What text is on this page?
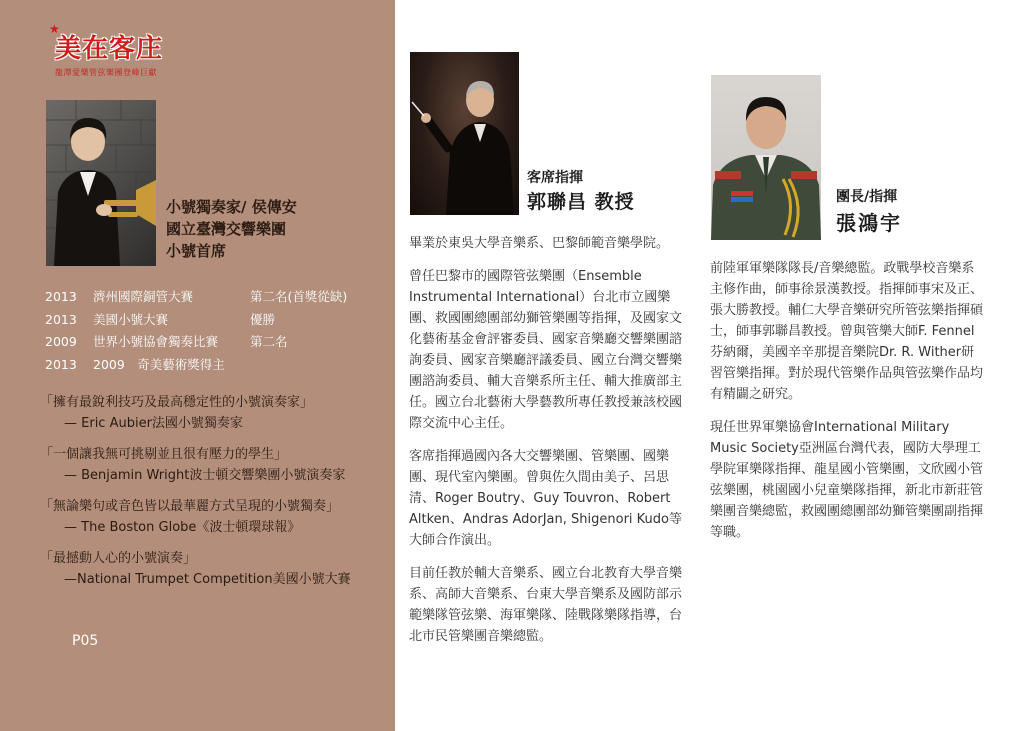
★
美在客庄
龍潭愛樂管弦樂團登峰巨獻
小號獨奏家/ 侯傳安
國立臺灣交響樂團
小號首席
2013 濟州國際銅管大賽	第二名(首獎從缺)
2013 美國小號大賽	優勝
2009 世界小號協會獨奏比賽	第二名
2013 2009　奇美藝術獎得主
「擁有最銳利技巧及最高穩定性的小號演奏家」
— Eric Aubier法國小號獨奏家
「一個讓我無可挑剔並且很有壓力的學生」
— Benjamin Wright波士頓交響樂團小號演奏家
「無論樂句或音色皆以最華麗方式呈現的小號獨奏」
— The Boston Globe《波士頓環球報》
「最撼動人心的小號演奏」
—National Trumpet Competition美國小號大賽
P05
客席指揮
郭聯昌 教授

畢業於東吳大學音樂系、巴黎師範音樂學院。

曾任巴黎市的國際管弦樂團（Ensemble Instrumental International）台北市立國樂團、救國團總團部幼獅管樂團等指揮，及國家文化藝術基金會評審委員、國家音樂廳交響樂團諮詢委員、國家音樂廳評議委員、國立台灣交響樂團諮詢委員、輔大音樂系所主任、輔大推廣部主任。國立台北藝術大學藝教所專任教授兼該校國際交流中心主任。

客席指揮過國內各大交響樂團、管樂團、國樂團、現代室內樂團。曾與佐久間由美子、呂思清、Roger Boutry、Guy Touvron、Robert Altken、Andras AdorJan, Shigenori Kudo等大師合作演出。

目前任教於輔大音樂系、國立台北教育大學音樂系、高師大音樂系、台東大學音樂系及國防部示範樂隊管弦樂、海軍樂隊、陸戰隊樂隊指導，台北市民管樂團音樂總監。

團長/指揮
張鴻宇

前陸軍軍樂隊隊長/音樂總監。政戰學校音樂系主修作曲，師事徐景漢教授。指揮師事宋及正、張大勝教授。輔仁大學音樂研究所管弦樂指揮碩士，師事郭聯昌教授。曾與管樂大師F. Fennel芬納爾，美國辛辛那提音樂院Dr. R. Wither研習管樂指揮。對於現代管樂作品與管弦樂作品均有精闢之研究。

現任世界軍樂協會International Military Music Society亞洲區台灣代表，國防大學理工學院軍樂隊指揮、龍星國小管樂團，文欣國小管弦樂團，桃園國小兒童樂隊指揮，新北市新莊管樂團音樂總監，救國團總團部幼獅管樂團副指揮等職。
